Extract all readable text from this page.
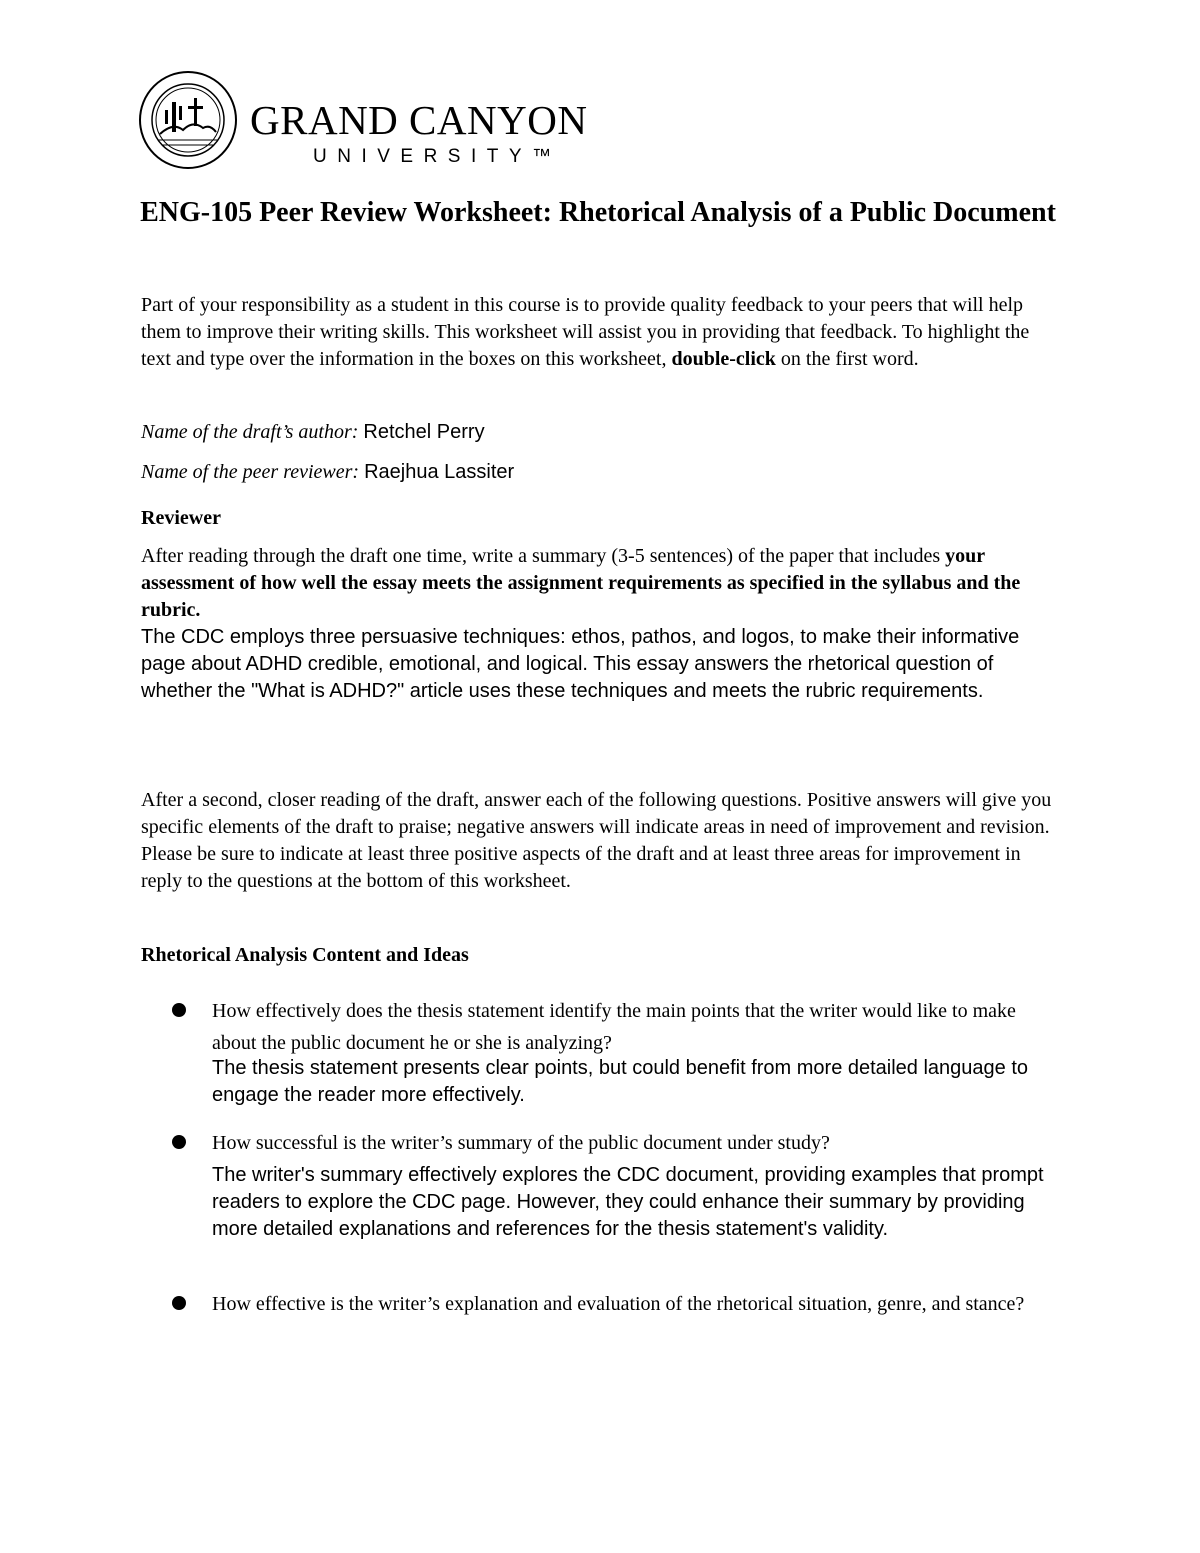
GRAND CANYON
UNIVERSITY™
ENG-105 Peer Review Worksheet: Rhetorical Analysis of a Public Document

Part of your responsibility as a student in this course is to provide quality feedback to your peers that will help them to improve their writing skills. This worksheet will assist you in providing that feedback. To highlight the text and type over the information in the boxes on this worksheet, double-click on the first word.

Name of the draft’s author: Retchel Perry

Name of the peer reviewer: Raejhua Lassiter

Reviewer

After reading through the draft one time, write a summary (3-5 sentences) of the paper that includes your assessment of how well the essay meets the assignment requirements as specified in the syllabus and the rubric.

The CDC employs three persuasive techniques: ethos, pathos, and logos, to make their informative page about ADHD credible, emotional, and logical. This essay answers the rhetorical question of whether the "What is ADHD?" article uses these techniques and meets the rubric requirements.

After a second, closer reading of the draft, answer each of the following questions. Positive answers will give you specific elements of the draft to praise; negative answers will indicate areas in need of improvement and revision. Please be sure to indicate at least three positive aspects of the draft and at least three areas for improvement in reply to the questions at the bottom of this worksheet.

Rhetorical Analysis Content and Ideas

How effectively does the thesis statement identify the main points that the writer would like to make about the public document he or she is analyzing?

The thesis statement presents clear points, but could benefit from more detailed language to engage the reader more effectively.

How successful is the writer’s summary of the public document under study?

The writer's summary effectively explores the CDC document, providing examples that prompt readers to explore the CDC page. However, they could enhance their summary by providing more detailed explanations and references for the thesis statement's validity.

How effective is the writer’s explanation and evaluation of the rhetorical situation, genre, and stance?
